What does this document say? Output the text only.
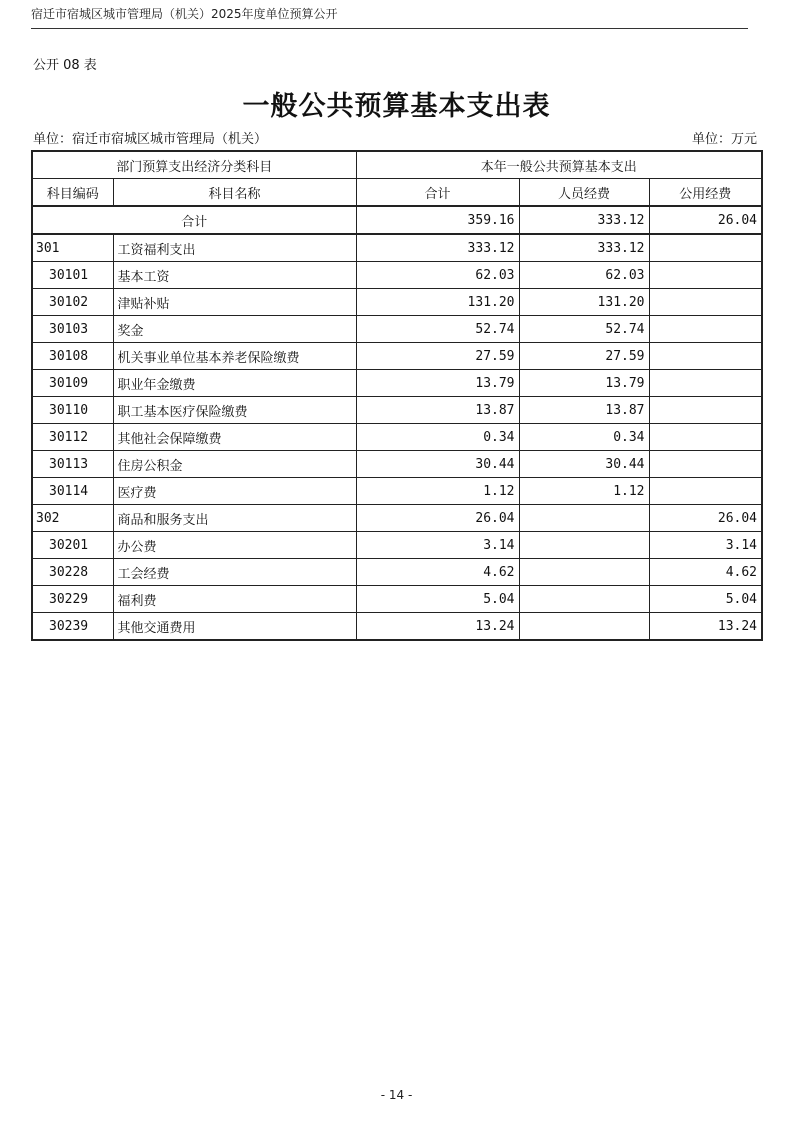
宿迁市宿城区城市管理局（机关）2025年度单位预算公开
公开 08 表
一般公共预算基本支出表
单位：宿迁市宿城区城市管理局（机关）	单位：万元
部门预算支出经济分类科目		本年一般公共预算基本支出		
科目编码	科目名称	合计	人员经费	公用经费
合计		359.16	333.12	26.04
301	工资福利支出	333.12	333.12	
30101	基本工资	62.03	62.03	
30102	津贴补贴	131.20	131.20	
30103	奖金	52.74	52.74	
30108	机关事业单位基本养老保险缴费	27.59	27.59	
30109	职业年金缴费	13.79	13.79	
30110	职工基本医疗保险缴费	13.87	13.87	
30112	其他社会保障缴费	0.34	0.34	
30113	住房公积金	30.44	30.44	
30114	医疗费	1.12	1.12	
302	商品和服务支出	26.04		26.04
30201	办公费	3.14		3.14
30228	工会经费	4.62		4.62
30229	福利费	5.04		5.04
30239	其他交通费用	13.24		13.24
- 14 -
